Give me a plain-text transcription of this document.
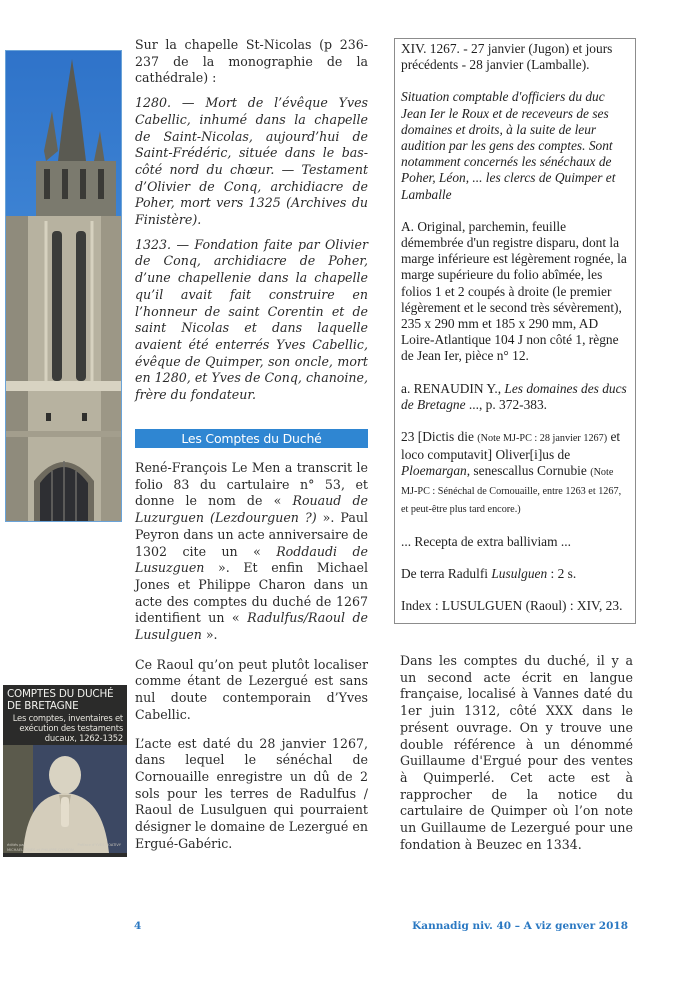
COMPTES DU DUCHÉ DE BRETAGNE
Les comptes, inventaires et exécution des testaments ducaux, 1262-1352
Préface d'YVES COATIVY
édités par
MICHAEL JONES et PHILIPPE CHARON

Sur la chapelle St-Nicolas (p 236-237 de la monographie de la cathédrale) :

1280. — Mort de l’évêque Yves Cabellic, inhumé dans la chapelle de Saint-Nicolas, aujourd’hui de Saint-Frédéric, située dans le bas-côté nord du chœur. — Testament d’Olivier de Conq, archidiacre de Poher, mort vers 1325 (Archives du Finistère).

1323. — Fondation faite par Olivier de Conq, archidiacre de Poher, d’une chapellenie dans la chapelle qu’il avait fait construire en l’honneur de saint Corentin et de saint Nicolas et dans laquelle avaient été enterrés Yves Cabellic, évêque de Quimper, son oncle, mort en 1280, et Yves de Conq, chanoine, frère du fondateur.

Les Comptes du Duché

René-François Le Men a transcrit le folio 83 du cartulaire n° 53, et donne le nom de « Rouaud de Luzurguen (Lezdourguen ?) ». Paul Peyron dans un acte anniversaire de 1302 cite un « Roddaudi de Lusuzguen ». Et enfin Michael Jones et Philippe Charon dans un acte des comptes du duché de 1267 identifient un « Radulfus/Raoul de Lusulguen ».

Ce Raoul qu’on peut plutôt localiser comme étant de Lezergué est sans nul doute contemporain d’Yves Cabellic.

L’acte est daté du 28 janvier 1267, dans lequel le sénéchal de Cornouaille enregistre un dû de 2 sols pour les terres de Radulfus / Raoul de Lusulguen qui pourraient désigner le domaine de Lezergué en Ergué-Gabéric.

XIV. 1267. - 27 janvier (Jugon) et jours précédents - 28 janvier (Lamballe).

Situation comptable d'officiers du duc Jean Ier le Roux et de receveurs de ses domaines et droits, à la suite de leur audition par les gens des comptes. Sont notamment concernés les sénéchaux de Poher, Léon, ... les clercs de Quimper et Lamballe

A. Original, parchemin, feuille démembrée d'un registre disparu, dont la marge inférieure est légèrement rognée, la marge supérieure du folio abîmée, les folios 1 et 2 coupés à droite (le premier légèrement et le second très sévèrement), 235 x 290 mm et 185 x 290 mm, AD Loire-Atlantique 104 J non côté 1, règne de Jean Ier, pièce n° 12.

a. RENAUDIN Y., Les domaines des ducs de Bretagne ..., p. 372-383.

23 [Dictis die (Note MJ-PC : 28 janvier 1267) et loco computavit] Oliver[i]us de Ploemargan, senescallus Cornubie (Note MJ-PC : Sénéchal de Cornouaille, entre 1263 et 1267, et peut-être plus tard encore.)

... Recepta de extra balliviam ...

De terra Radulfi Lusulguen : 2 s.

Index : LUSULGUEN (Raoul) : XIV, 23.

Dans les comptes du duché, il y a un second acte écrit en langue française, localisé à Vannes daté du 1er juin 1312, côté XXX dans le présent ouvrage. On y trouve une double référence à un dénommé Guillaume d'Ergué pour des ventes à Quimperlé. Cet acte est à rapprocher de la notice du cartulaire de Quimper où l’on note un Guillaume de Lezergué pour une fondation à Beuzec en 1334.
4	Kannadig niv. 40 – A viz genver 2018
